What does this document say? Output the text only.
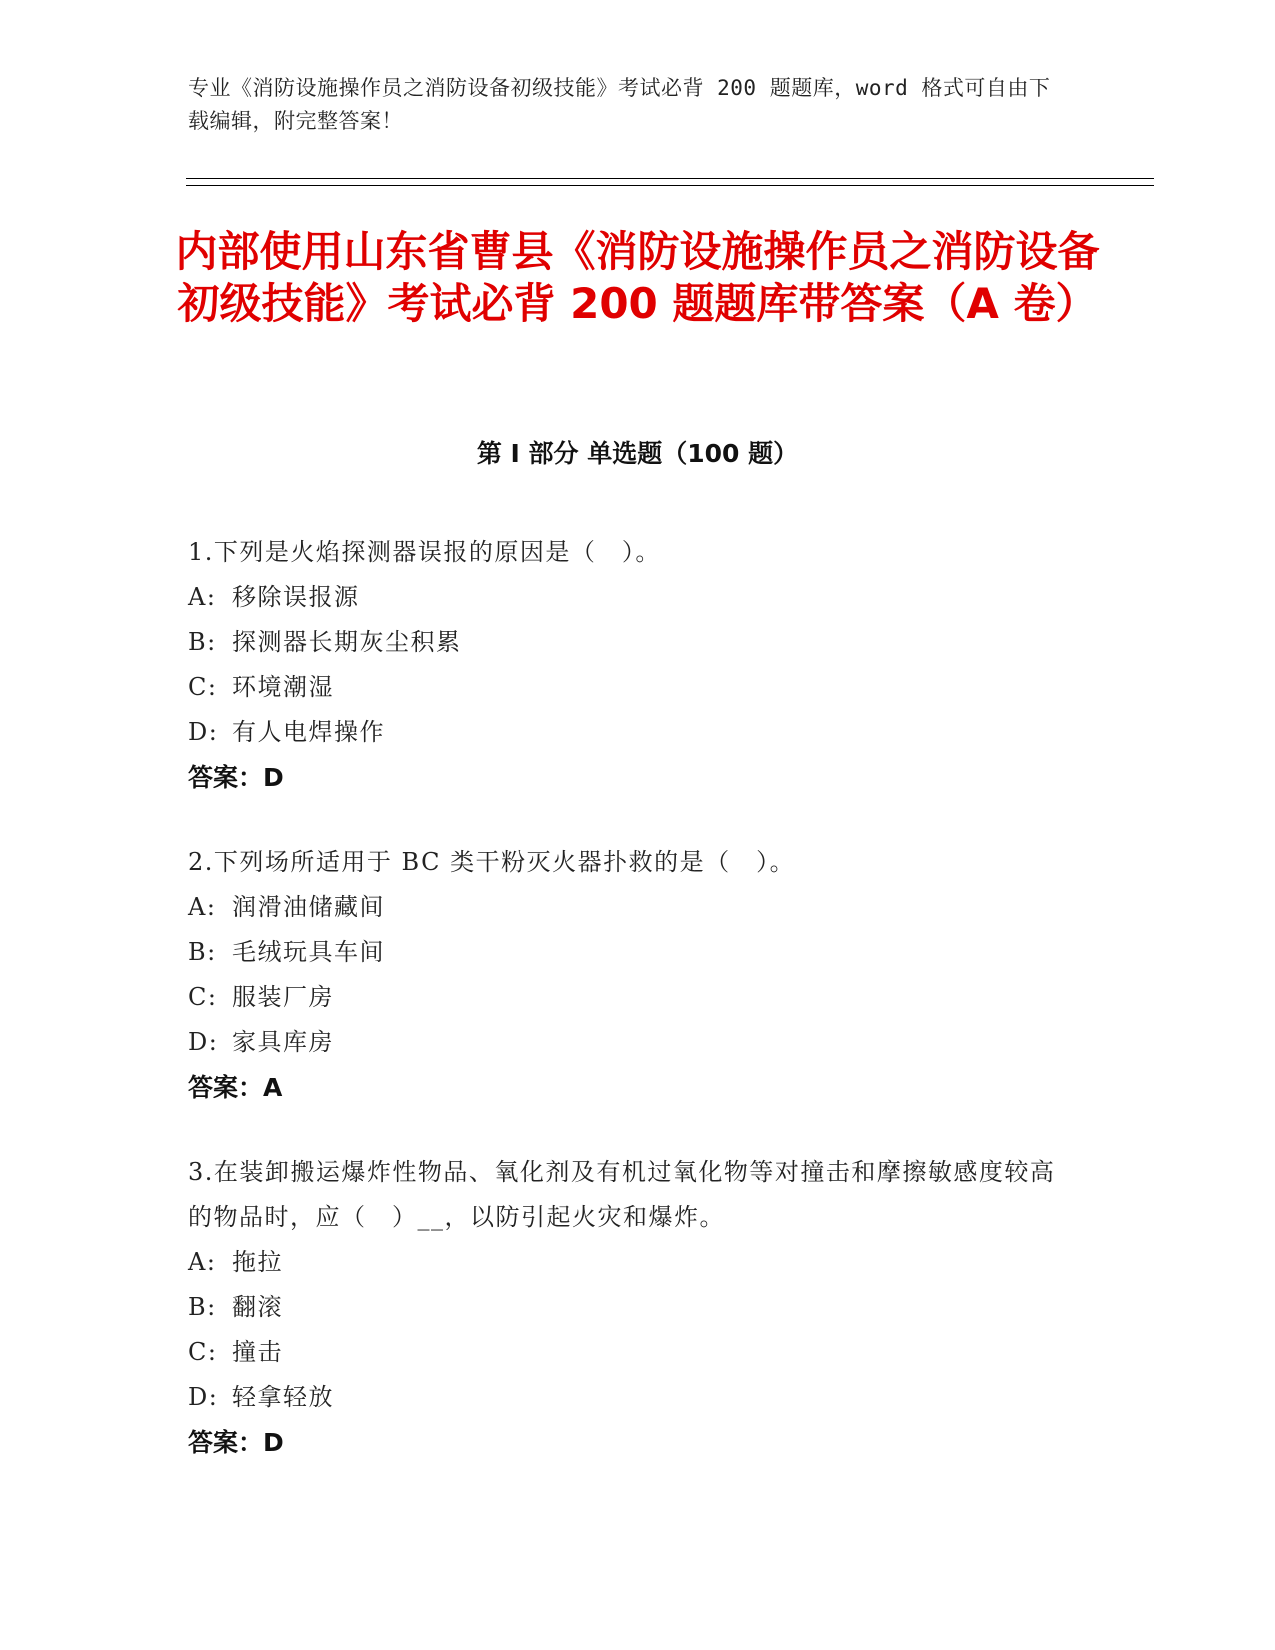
专业《消防设施操作员之消防设备初级技能》考试必背 200 题题库，word 格式可自由下载编辑，附完整答案！
内部使用山东省曹县《消防设施操作员之消防设备初级技能》考试必背 200 题题库带答案（A 卷）
第 I 部分 单选题（100 题）
1.下列是火焰探测器误报的原因是（　）。
A: 移除误报源
B: 探测器长期灰尘积累
C: 环境潮湿
D: 有人电焊操作
答案：D
2.下列场所适用于 BC 类干粉灭火器扑救的是（　）。
A: 润滑油储藏间
B: 毛绒玩具车间
C: 服装厂房
D: 家具库房
答案：A
3.在装卸搬运爆炸性物品、氧化剂及有机过氧化物等对撞击和摩擦敏感度较高的物品时，应（　）__，以防引起火灾和爆炸。
A: 拖拉
B: 翻滚
C: 撞击
D: 轻拿轻放
答案：D
